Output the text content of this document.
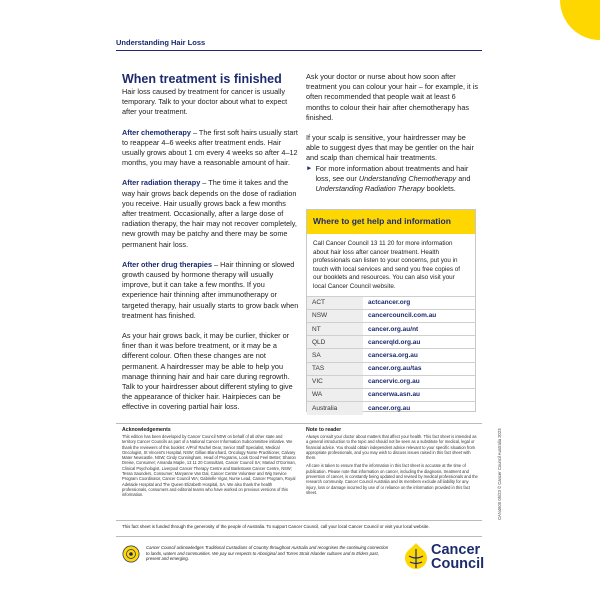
Understanding Hair Loss
When treatment is finished

Hair loss caused by treatment for cancer is usually temporary. Talk to your doctor about what to expect after your treatment.

After chemotherapy – The first soft hairs usually start to reappear 4–6 weeks after treatment ends. Hair usually grows about 1 cm every 4 weeks so after 4–12 months, you may have a reasonable amount of hair.

After radiation therapy – The time it takes and the way hair grows back depends on the dose of radiation you receive. Hair usually grows back a few months after treatment. Occasionally, after a large dose of radiation therapy, the hair may not recover completely, new growth may be patchy and there may be some permanent hair loss.

After other drug therapies – Hair thinning or slowed growth caused by hormone therapy will usually improve, but it can take a few months. If you experience hair thinning after immunotherapy or targeted therapy, hair usually starts to grow back when treatment has finished.

As your hair grows back, it may be curlier, thicker or finer than it was before treatment, or it may be a different colour. Often these changes are not permanent. A hairdresser may be able to help you manage thinning hair and hair care during regrowth. Talk to your hairdresser about different styling to give the appearance of thicker hair. Hairpieces can be effective in covering partial hair loss.

Ask your doctor or nurse about how soon after treatment you can colour your hair – for example, it is often recommended that people wait at least 6 months to colour their hair after chemotherapy has finished.

If your scalp is sensitive, your hairdresser may be able to suggest dyes that may be gentler on the hair and scalp than chemical hair treatments.

► For more information about treatments and hair loss, see our Understanding Chemotherapy and Understanding Radiation Therapy booklets.
Where to get help and information
Call Cancer Council 13 11 20 for more information about hair loss after cancer treatment. Health professionals can listen to your concerns, put you in touch with local services and send you free copies of our booklets and resources. You can also visit your local Cancer Council website.
ACT	actcancer.org
NSW	cancercouncil.com.au
NT	cancer.org.au/nt
QLD	cancerqld.org.au
SA	cancersa.org.au
TAS	cancer.org.au/tas
VIC	cancervic.org.au
WA	cancerwa.asn.au
Australia	cancer.org.au
Acknowledgements

This edition has been developed by Cancer Council NSW on behalf of all other state and territory Cancer Councils as part of a National Cancer Information Subcommittee initiative. We thank the reviewers of this booklet: A/Prof Rachel Dear, Senior Staff Specialist, Medical Oncologist, St Vincent's Hospital, NSW; Gillian Blanchard, Oncology Nurse Practitioner, Calvary Mater Newcastle, NSW; Cindy Cunningham, Head of Programs, Look Good Feel Better; Sharon Dreise, Consumer; Amanda Maple, 13 11 20 Consultant, Cancer Council SA; Mariad O'Gorman, Clinical Psychologist, Liverpool Cancer Therapy Centre and Bankstown Cancer Centre, NSW; Tessa Saunders, Consumer; Maryanne Van Dal, Cancer Centre Volunteer and Wig Service Program Coordinator, Cancer Council WA; Gabrielle Vigar, Nurse Lead, Cancer Program, Royal Adelaide Hospital and The Queen Elizabeth Hospital, SA. We also thank the health professionals, consumers and editorial teams who have worked on previous versions of this information.

Note to reader

Always consult your doctor about matters that affect your health. This fact sheet is intended as a general introduction to the topic and should not be seen as a substitute for medical, legal or financial advice. You should obtain independent advice relevant to your specific situation from appropriate professionals, and you may wish to discuss issues raised in this fact sheet with them.

All care is taken to ensure that the information in this fact sheet is accurate at the time of publication. Please note that information on cancer, including the diagnosis, treatment and prevention of cancer, is constantly being updated and revised by medical professionals and the research community. Cancer Council Australia and its members exclude all liability for any injury, loss or damage incurred by use of or reliance on the information provided in this fact sheet.

This fact sheet is funded through the generosity of the people of Australia. To support Cancer Council, call your local Cancer Council or visit your local website.
Cancer Council acknowledges Traditional Custodians of Country throughout Australia and recognises the continuing connection to lands, waters and communities. We pay our respects to Aboriginal and Torres Strait Islander cultures and to Elders past, present and emerging.
Cancer
Council
CAN4600 05/23 © Cancer Council Australia 2023
